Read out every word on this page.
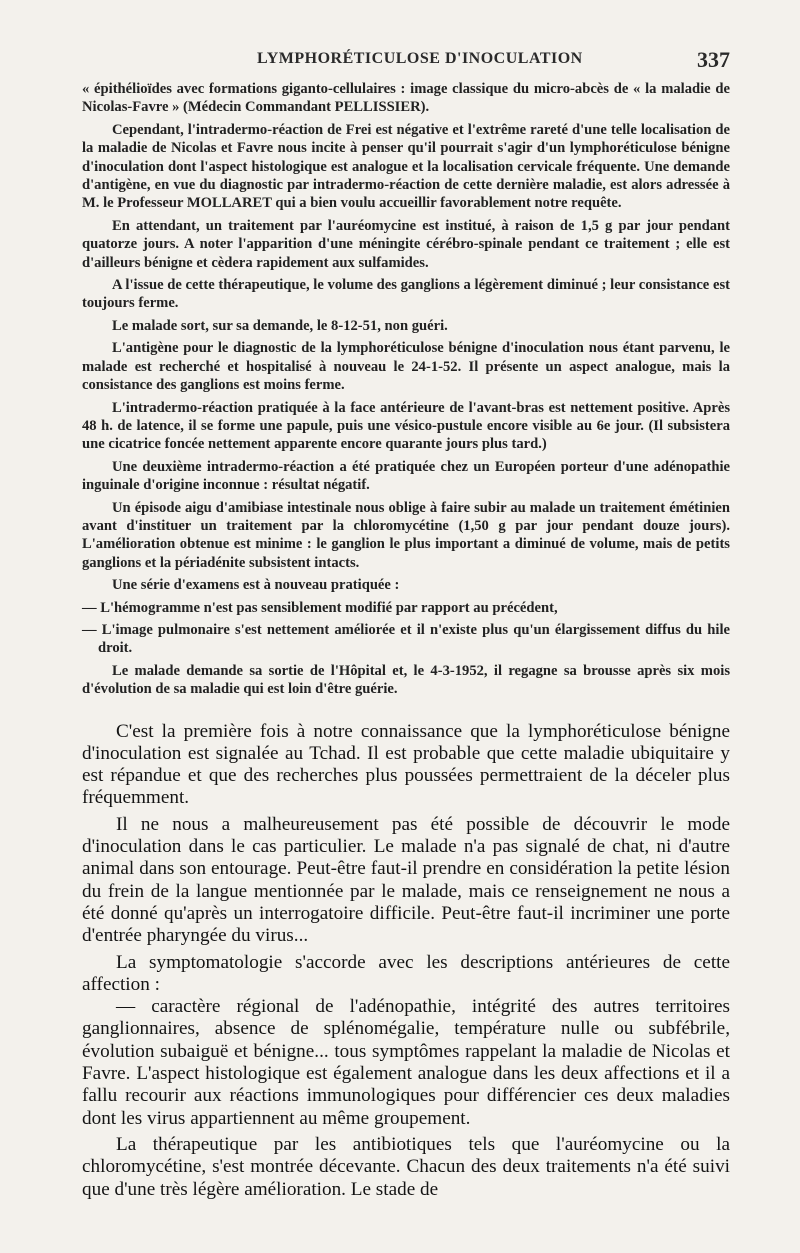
LYMPHORÉTICULOSE D'INOCULATION	337

« épithélioïdes avec formations giganto-cellulaires : image classique du micro-abcès de « la maladie de Nicolas-Favre » (Médecin Commandant PELLISSIER).

Cependant, l'intradermo-réaction de Frei est négative et l'extrême rareté d'une telle localisation de la maladie de Nicolas et Favre nous incite à penser qu'il pourrait s'agir d'un lymphoréticulose bénigne d'inoculation dont l'aspect histologique est analogue et la localisation cervicale fréquente. Une demande d'antigène, en vue du diagnostic par intradermo-réaction de cette dernière maladie, est alors adressée à M. le Professeur MOLLARET qui a bien voulu accueillir favorablement notre requête.

En attendant, un traitement par l'auréomycine est institué, à raison de 1,5 g par jour pendant quatorze jours. A noter l'apparition d'une méningite cérébro-spinale pendant ce traitement ; elle est d'ailleurs bénigne et cèdera rapidement aux sulfamides.

A l'issue de cette thérapeutique, le volume des ganglions a légèrement diminué ; leur consistance est toujours ferme.

Le malade sort, sur sa demande, le 8-12-51, non guéri.

L'antigène pour le diagnostic de la lymphoréticulose bénigne d'inoculation nous étant parvenu, le malade est recherché et hospitalisé à nouveau le 24-1-52. Il présente un aspect analogue, mais la consistance des ganglions est moins ferme.

L'intradermo-réaction pratiquée à la face antérieure de l'avant-bras est nettement positive. Après 48 h. de latence, il se forme une papule, puis une vésico-pustule encore visible au 6e jour. (Il subsistera une cicatrice foncée nettement apparente encore quarante jours plus tard.)

Une deuxième intradermo-réaction a été pratiquée chez un Européen porteur d'une adénopathie inguinale d'origine inconnue : résultat négatif.

Un épisode aigu d'amibiase intestinale nous oblige à faire subir au malade un traitement émétinien avant d'instituer un traitement par la chloromycétine (1,50 g par jour pendant douze jours). L'amélioration obtenue est minime : le ganglion le plus important a diminué de volume, mais de petits ganglions et la périadénite subsistent intacts.

Une série d'examens est à nouveau pratiquée :

— L'hémogramme n'est pas sensiblement modifié par rapport au précédent,

— L'image pulmonaire s'est nettement améliorée et il n'existe plus qu'un élargissement diffus du hile droit.

Le malade demande sa sortie de l'Hôpital et, le 4-3-1952, il regagne sa brousse après six mois d'évolution de sa maladie qui est loin d'être guérie.

C'est la première fois à notre connaissance que la lymphoréticulose bénigne d'inoculation est signalée au Tchad. Il est probable que cette maladie ubiquitaire y est répandue et que des recherches plus poussées permettraient de la déceler plus fréquemment.

Il ne nous a malheureusement pas été possible de découvrir le mode d'inoculation dans le cas particulier. Le malade n'a pas signalé de chat, ni d'autre animal dans son entourage. Peut-être faut-il prendre en considération la petite lésion du frein de la langue mentionnée par le malade, mais ce renseignement ne nous a été donné qu'après un interrogatoire difficile. Peut-être faut-il incriminer une porte d'entrée pharyngée du virus...

La symptomatologie s'accorde avec les descriptions antérieures de cette affection :

— caractère régional de l'adénopathie, intégrité des autres territoires ganglionnaires, absence de splénomégalie, température nulle ou subfébrile, évolution subaiguë et bénigne... tous symptômes rappelant la maladie de Nicolas et Favre. L'aspect histologique est également analogue dans les deux affections et il a fallu recourir aux réactions immunologiques pour différencier ces deux maladies dont les virus appartiennent au même groupement.

La thérapeutique par les antibiotiques tels que l'auréomycine ou la chloromycétine, s'est montrée décevante. Chacun des deux traitements n'a été suivi que d'une très légère amélioration. Le stade de
